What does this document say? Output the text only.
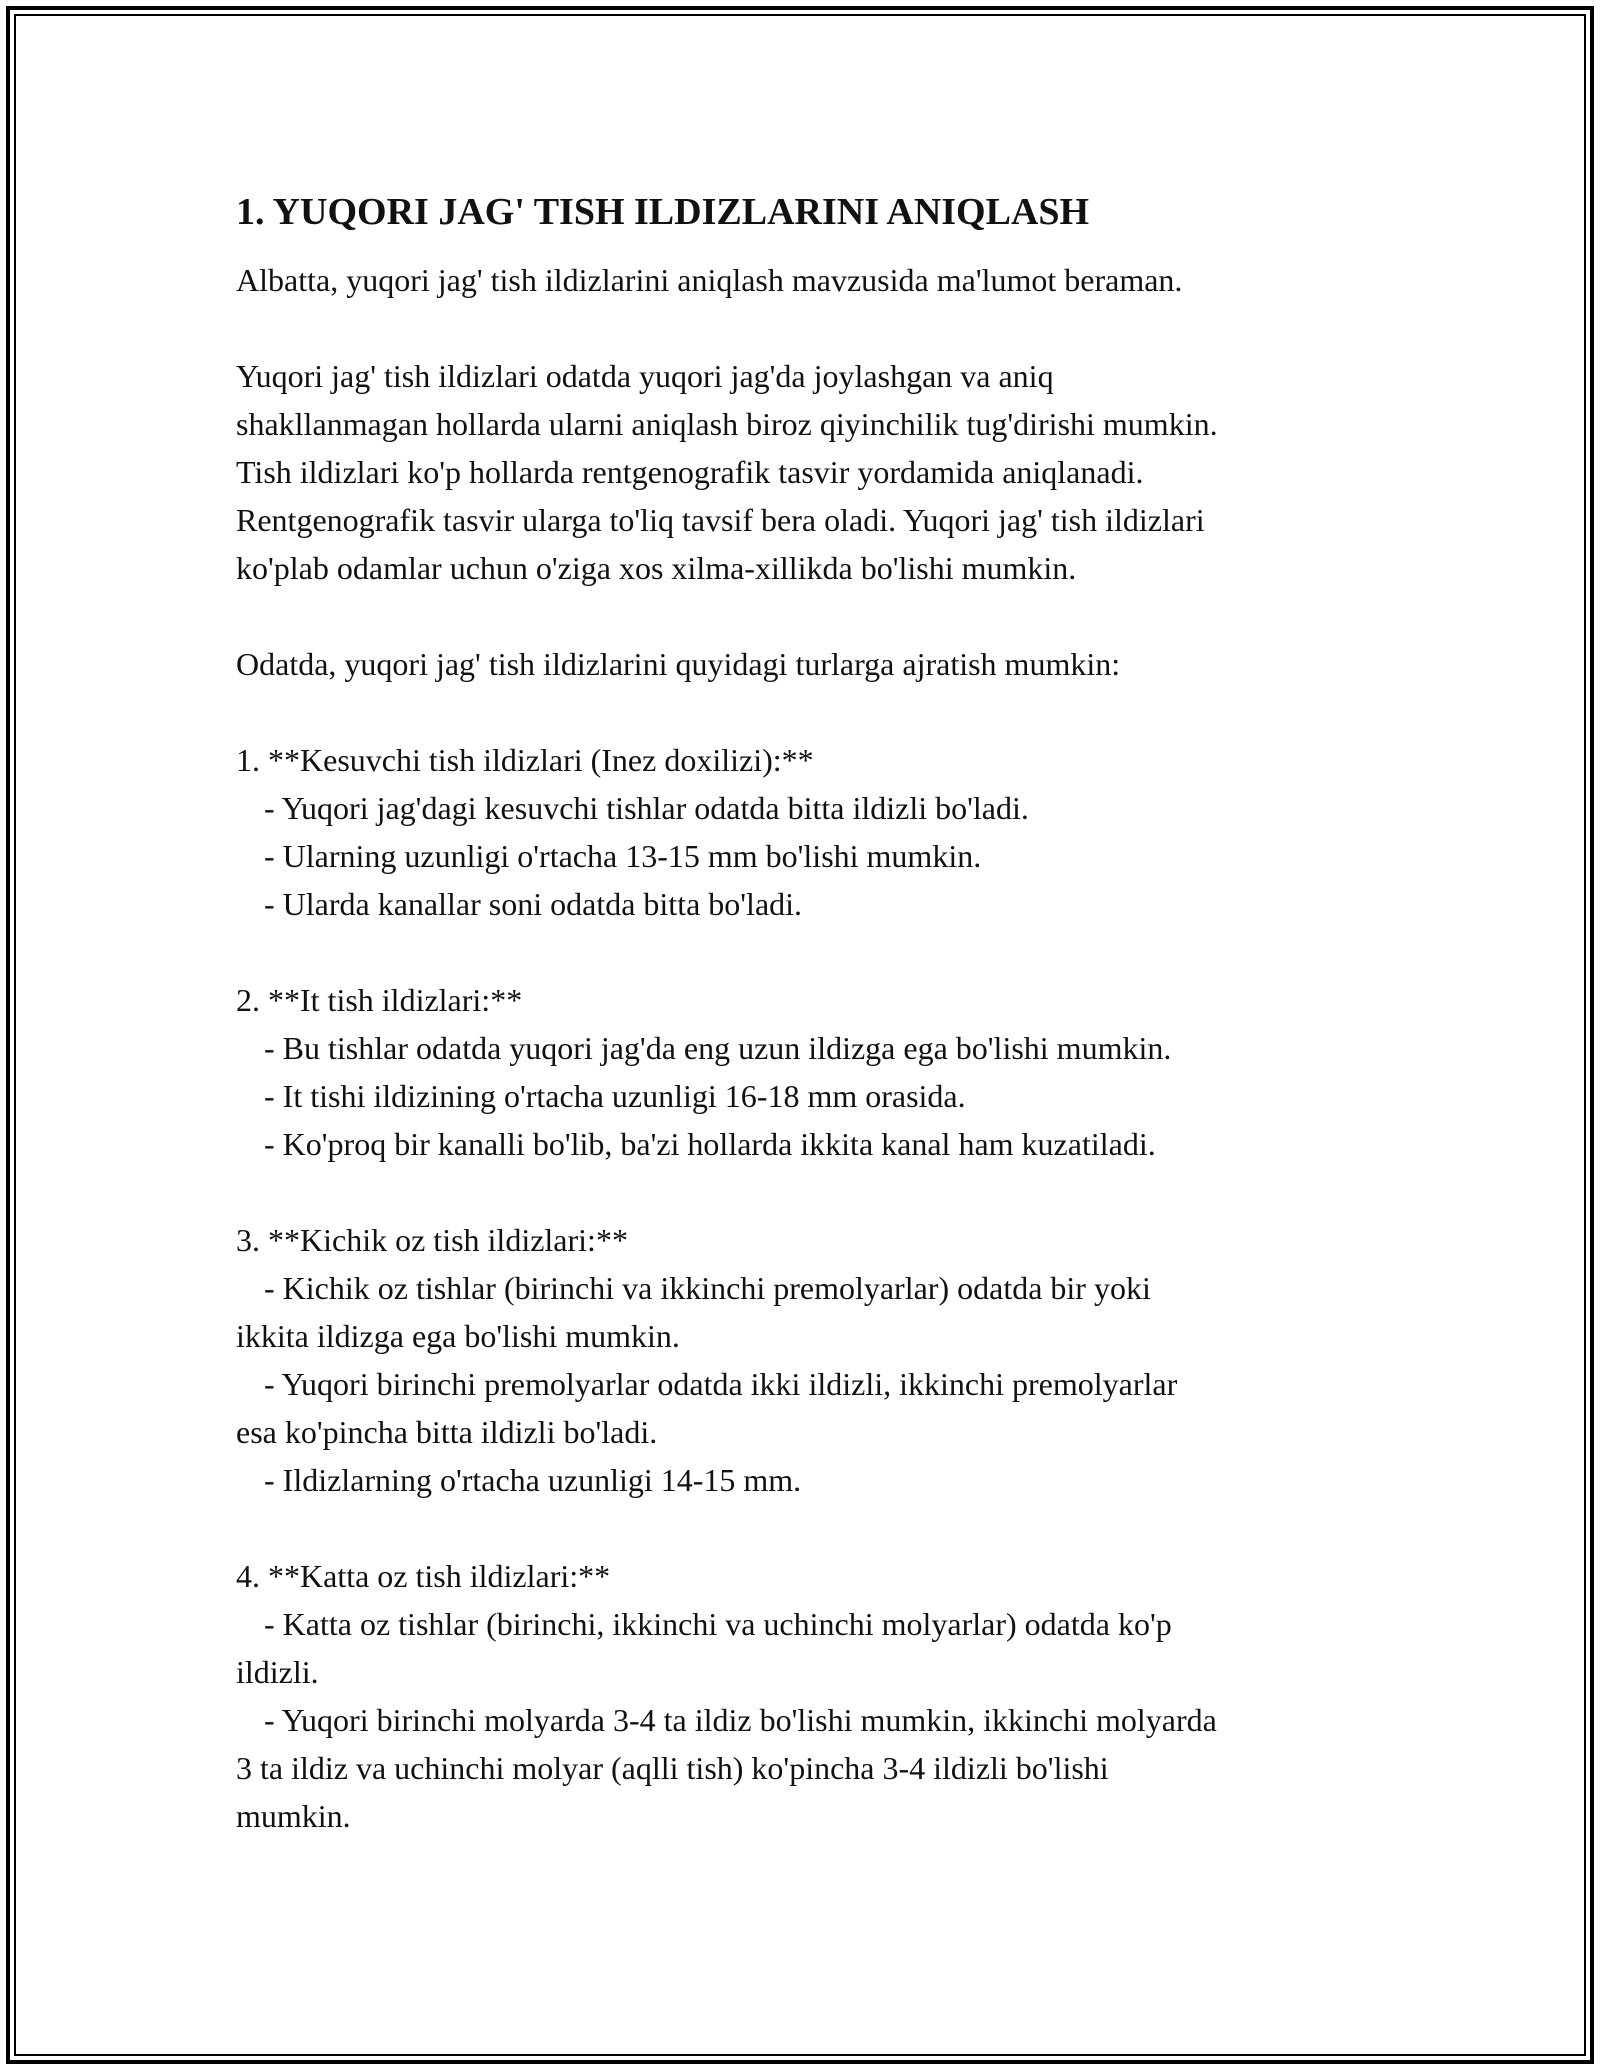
1. YUQORI JAG' TISH ILDIZLARINI ANIQLASH

Albatta, yuqori jag' tish ildizlarini aniqlash mavzusida ma'lumot beraman.

Yuqori jag' tish ildizlari odatda yuqori jag'da joylashgan va aniq
shakllanmagan hollarda ularni aniqlash biroz qiyinchilik tug'dirishi mumkin.
Tish ildizlari ko'p hollarda rentgenografik tasvir yordamida aniqlanadi.
Rentgenografik tasvir ularga to'liq tavsif bera oladi. Yuqori jag' tish ildizlari
ko'plab odamlar uchun o'ziga xos xilma-xillikda bo'lishi mumkin.

Odatda, yuqori jag' tish ildizlarini quyidagi turlarga ajratish mumkin:

1. **Kesuvchi tish ildizlari (Inez doxilizi):**
- Yuqori jag'dagi kesuvchi tishlar odatda bitta ildizli bo'ladi.
- Ularning uzunligi o'rtacha 13-15 mm bo'lishi mumkin.
- Ularda kanallar soni odatda bitta bo'ladi.
2. **It tish ildizlari:**
- Bu tishlar odatda yuqori jag'da eng uzun ildizga ega bo'lishi mumkin.
- It tishi ildizining o'rtacha uzunligi 16-18 mm orasida.
- Ko'proq bir kanalli bo'lib, ba'zi hollarda ikkita kanal ham kuzatiladi.
3. **Kichik oz tish ildizlari:**
- Kichik oz tishlar (birinchi va ikkinchi premolyarlar) odatda bir yoki
ikkita ildizga ega bo'lishi mumkin.
- Yuqori birinchi premolyarlar odatda ikki ildizli, ikkinchi premolyarlar
esa ko'pincha bitta ildizli bo'ladi.
- Ildizlarning o'rtacha uzunligi 14-15 mm.
4. **Katta oz tish ildizlari:**
- Katta oz tishlar (birinchi, ikkinchi va uchinchi molyarlar) odatda ko'p
ildizli.
- Yuqori birinchi molyarda 3-4 ta ildiz bo'lishi mumkin, ikkinchi molyarda
3 ta ildiz va uchinchi molyar (aqlli tish) ko'pincha 3-4 ildizli bo'lishi
mumkin.
